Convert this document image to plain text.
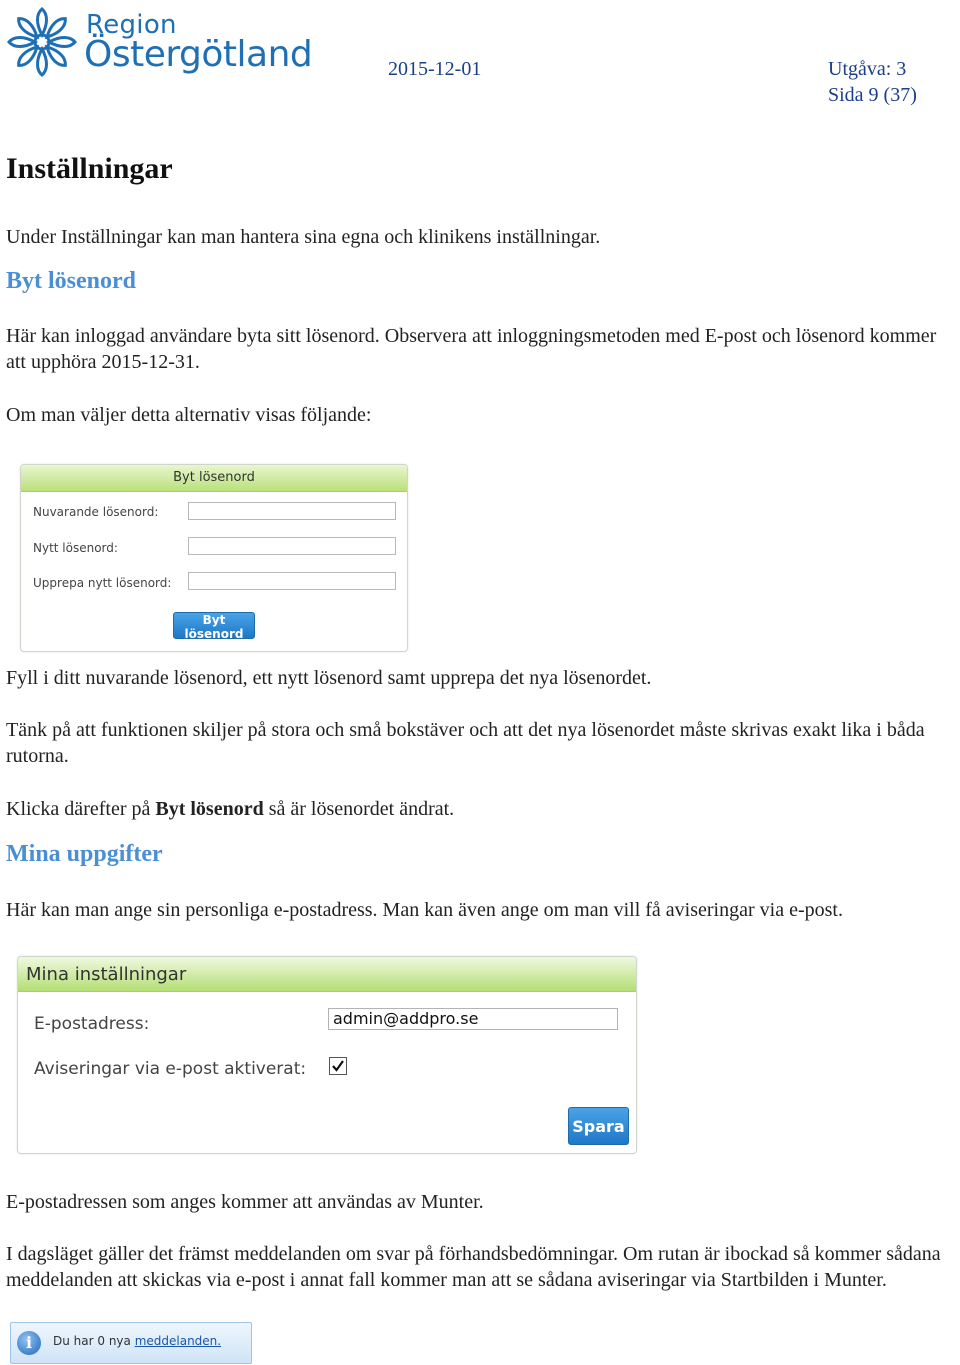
Region
Östergötland	2015-12-01	Utgåva: 3
Sida 9 (37)
Inställningar
Under Inställningar kan man hantera sina egna och klinikens inställningar.
Byt lösenord
Här kan inloggad användare byta sitt lösenord. Observera att inloggningsmetoden med E-post och lösenord kommer att upphöra 2015-12-31.
Om man väljer detta alternativ visas följande:
Byt lösenord
Nuvarande lösenord:
Nytt lösenord:
Upprepa nytt lösenord:
Byt lösenord
Fyll i ditt nuvarande lösenord, ett nytt lösenord samt upprepa det nya lösenordet.
Tänk på att funktionen skiljer på stora och små bokstäver och att det nya lösenordet måste skrivas exakt lika i båda rutorna.
Klicka därefter på Byt lösenord så är lösenordet ändrat.
Mina uppgifter
Här kan man ange sin personliga e-postadress. Man kan även ange om man vill få aviseringar via e-post.
Mina inställningar
E-postadress:
admin@addpro.se
Aviseringar via e-post aktiverat:
Spara
E-postadressen som anges kommer att användas av Munter.
I dagsläget gäller det främst meddelanden om svar på förhandsbedömningar. Om rutan är ibockad så kommer sådana meddelanden att skickas via e-post i annat fall kommer man att se sådana aviseringar via Startbilden i Munter.
i	Du har 0 nya meddelanden.
